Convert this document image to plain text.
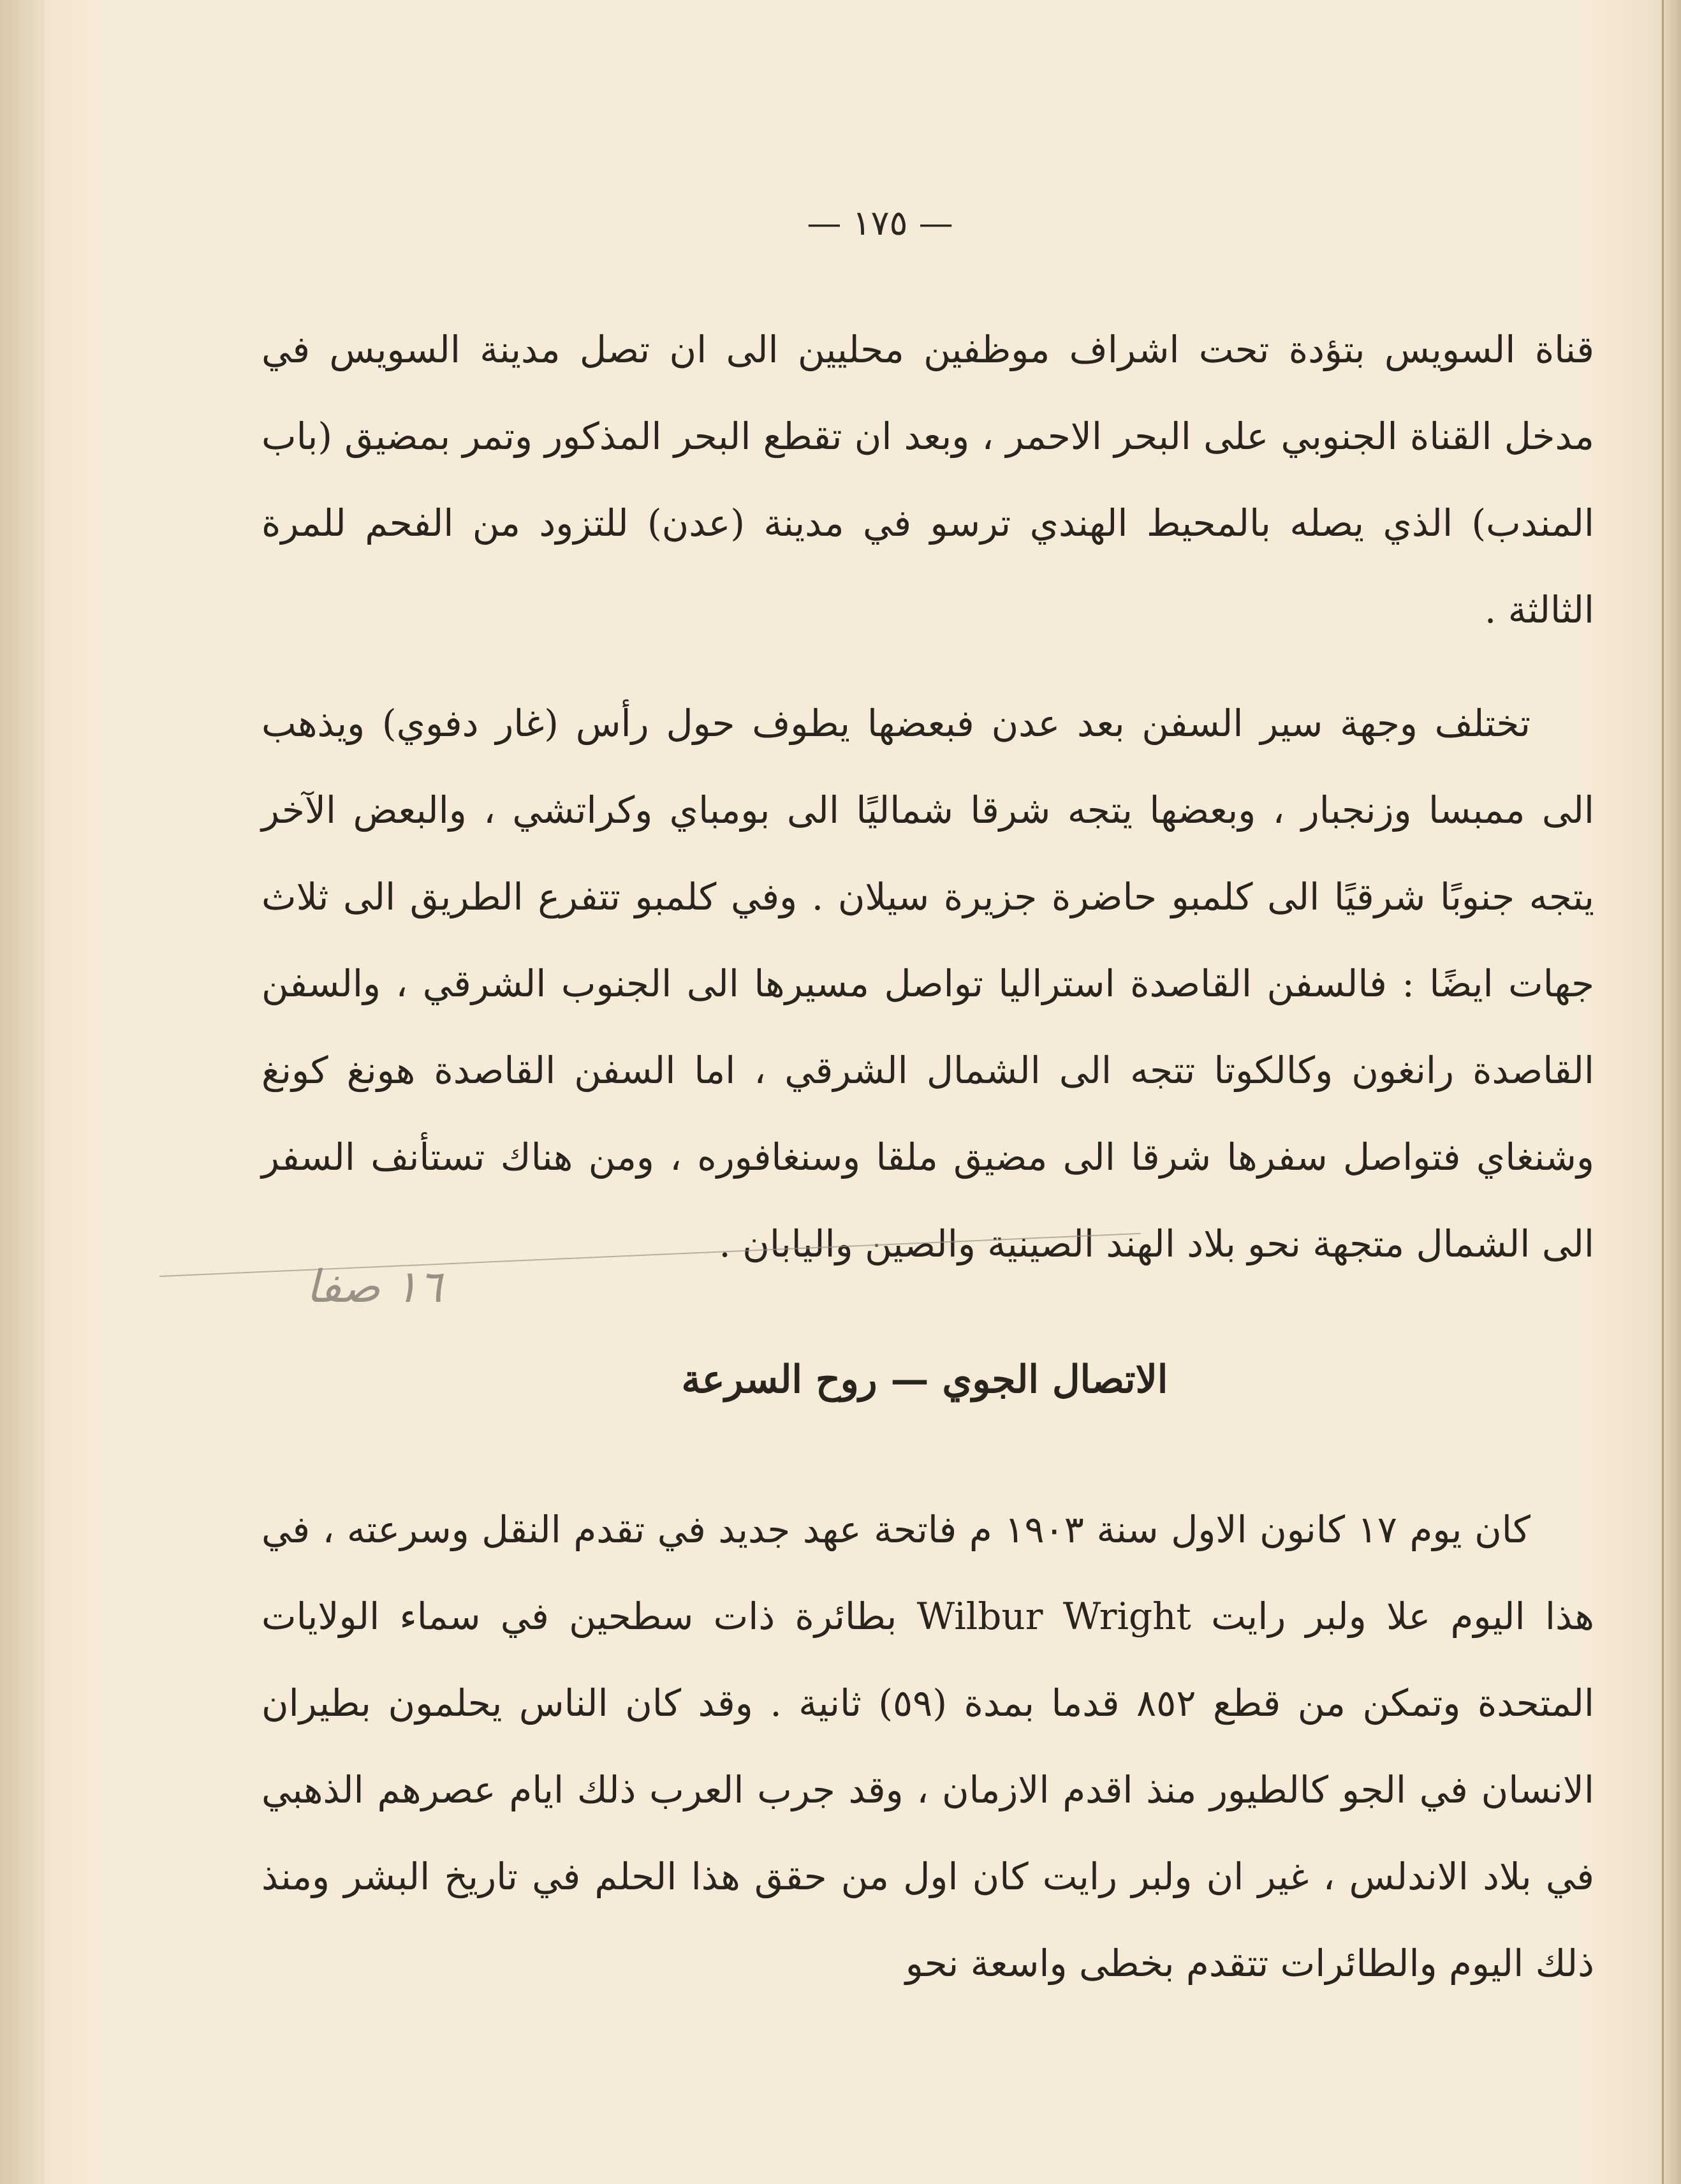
— ١٧٥ —

قناة السويس بتؤدة تحت اشراف موظفين محليين الى ان تصل مدينة السويس في مدخل القناة الجنوبي على البحر الاحمر ، وبعد ان تقطع البحر المذكور وتمر بمضيق (باب المندب) الذي يصله بالمحيط الهندي ترسو في مدينة (عدن) للتزود من الفحم للمرة الثالثة .

تختلف وجهة سير السفن بعد عدن فبعضها يطوف حول رأس (غار دفوي) ويذهب الى ممبسا وزنجبار ، وبعضها يتجه شرقا شماليًا الى بومباي وكراتشي ، والبعض الآخر يتجه جنوبًا شرقيًا الى كلمبو حاضرة جزيرة سيلان . وفي كلمبو تتفرع الطريق الى ثلاث جهات ايضًا : فالسفن القاصدة استراليا تواصل مسيرها الى الجنوب الشرقي ، والسفن القاصدة رانغون وكالكوتا تتجه الى الشمال الشرقي ، اما السفن القاصدة هونغ كونغ وشنغاي فتواصل سفرها شرقا الى مضيق ملقا وسنغافوره ، ومن هناك تستأنف السفر الى الشمال متجهة نحو بلاد الهند الصينية والصين واليابان .

١٦ صفا
الاتصال الجوي — روح السرعة

كان يوم ١٧ كانون الاول سنة ١٩٠٣ م فاتحة عهد جديد في تقدم النقل وسرعته ، في هذا اليوم علا ولبر رايت Wilbur Wright بطائرة ذات سطحين في سماء الولايات المتحدة وتمكن من قطع ٨٥٢ قدما بمدة (٥٩) ثانية . وقد كان الناس يحلمون بطيران الانسان في الجو كالطيور منذ اقدم الازمان ، وقد جرب العرب ذلك ايام عصرهم الذهبي في بلاد الاندلس ، غير ان ولبر رايت كان اول من حقق هذا الحلم في تاريخ البشر ومنذ ذلك اليوم والطائرات تتقدم بخطى واسعة نحو
